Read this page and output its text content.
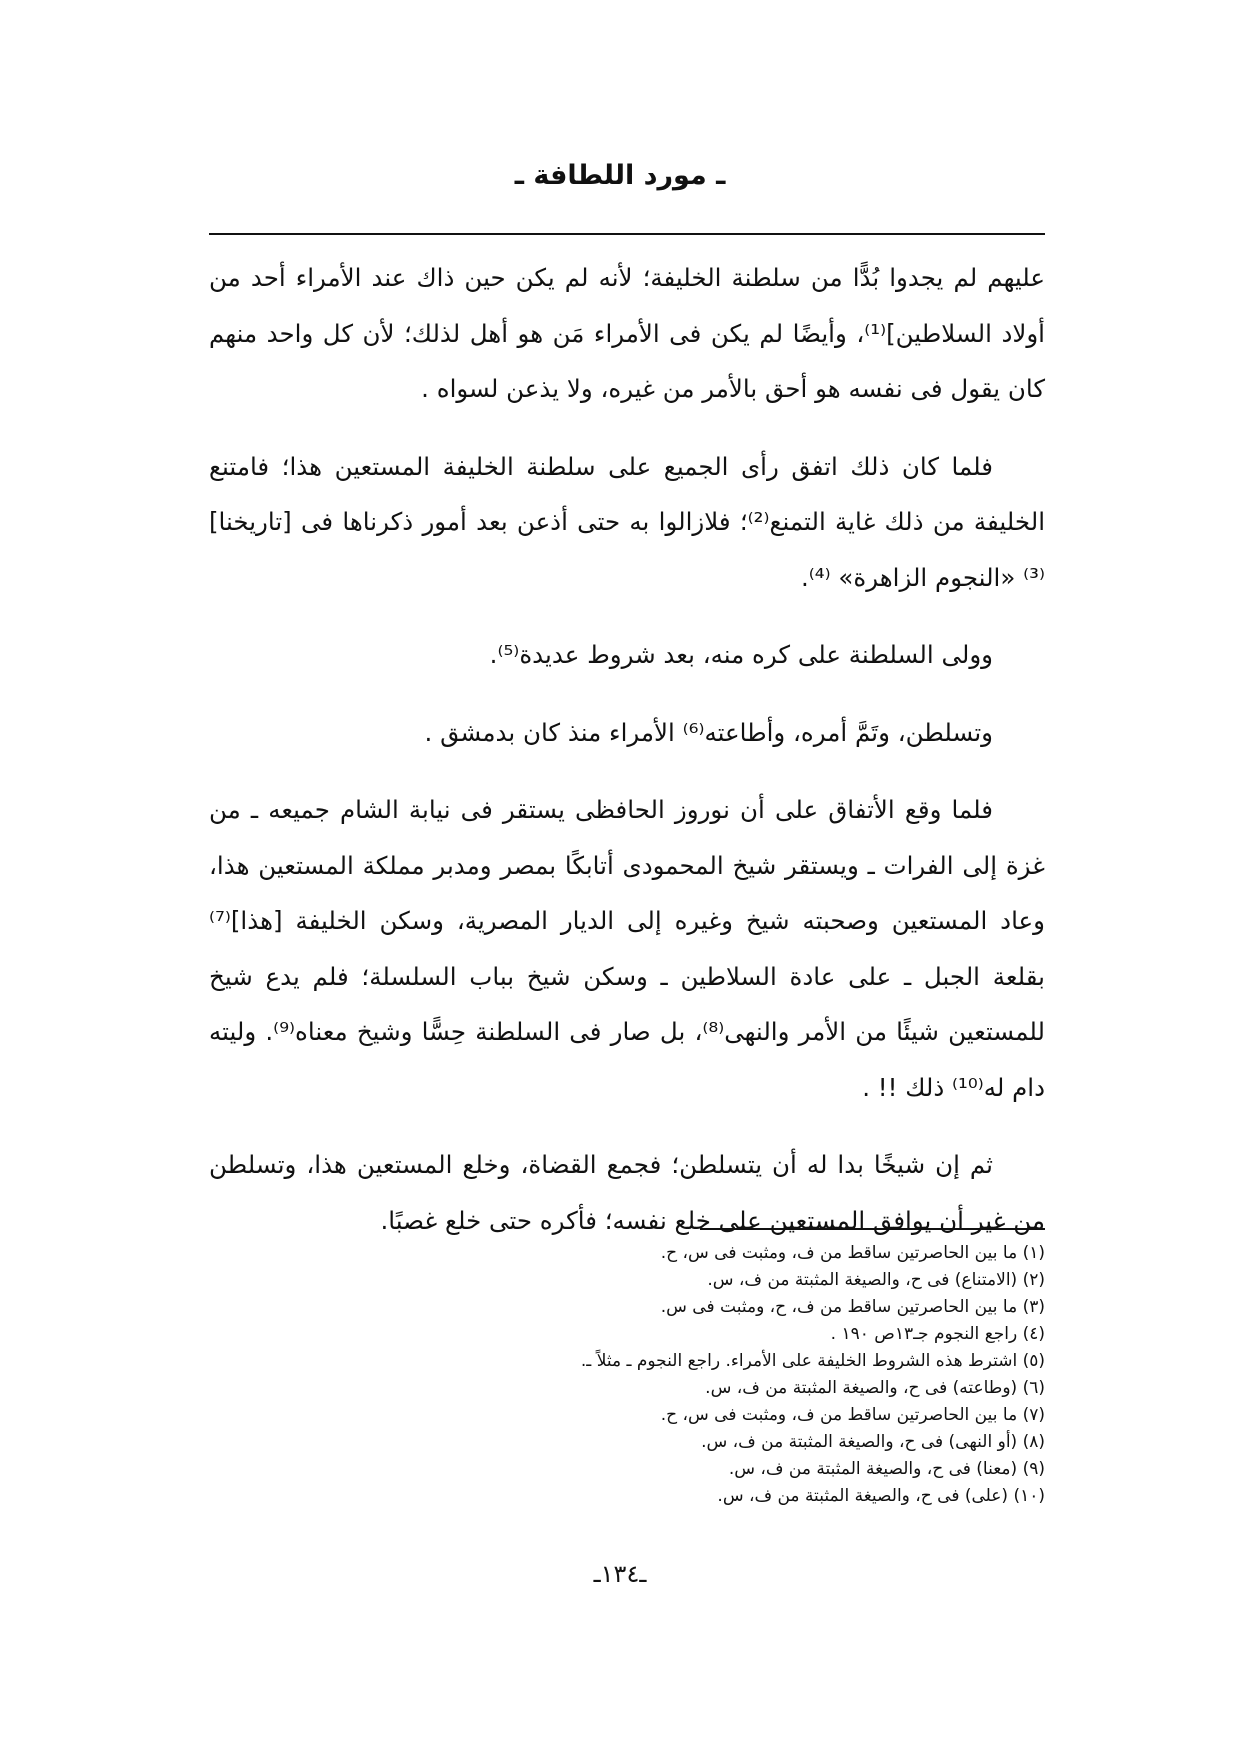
ـ مورد اللطافة ـ

عليهم لم يجدوا بُدًّا من سلطنة الخليفة؛ لأنه لم يكن حين ذاك عند الأمراء أحد من أولاد السلاطين]⁽¹⁾، وأيضًا لم يكن فى الأمراء مَن هو أهل لذلك؛ لأن كل واحد منهم كان يقول فى نفسه هو أحق بالأمر من غيره، ولا يذعن لسواه .

فلما كان ذلك اتفق رأى الجميع على سلطنة الخليفة المستعين هذا؛ فامتنع الخليفة من ذلك غاية التمنع⁽²⁾؛ فلازالوا به حتى أذعن بعد أمور ذكرناها فى [تاريخنا]⁽³⁾ «النجوم الزاهرة» ⁽⁴⁾.

وولى السلطنة على كره منه، بعد شروط عديدة⁽⁵⁾.

وتسلطن، وتَمَّ أمره، وأطاعته⁽⁶⁾ الأمراء منذ كان بدمشق .

فلما وقع الأتفاق على أن نوروز الحافظى يستقر فى نيابة الشام جميعه ـ من غزة إلى الفرات ـ ويستقر شيخ المحمودى أتابكًا بمصر ومدبر مملكة المستعين هذا، وعاد المستعين وصحبته شيخ وغيره إلى الديار المصرية، وسكن الخليفة [هذا]⁽⁷⁾ بقلعة الجبل ـ على عادة السلاطين ـ وسكن شيخ بباب السلسلة؛ فلم يدع شيخ للمستعين شيئًا من الأمر والنهى⁽⁸⁾، بل صار فى السلطنة حِسًّا وشيخ معناه⁽⁹⁾. وليته دام له⁽¹⁰⁾ ذلك !! .

ثم إن شيخًا بدا له أن يتسلطن؛ فجمع القضاة، وخلع المستعين هذا، وتسلطن من غير أن يوافق المستعين على خلع نفسه؛ فأكره حتى خلع غصبًا.

(١) ما بين الحاصرتين ساقط من ف، ومثبت فى س، ح.
(٢) (الامتناع) فى ح، والصيغة المثبتة من ف، س.
(٣) ما بين الحاصرتين ساقط من ف، ح، ومثبت فى س.
(٤) راجع النجوم جـ١٣ص ١٩٠ .
(٥) اشترط هذه الشروط الخليفة على الأمراء. راجع النجوم ـ مثلاً ـ.
(٦) (وطاعته) فى ح، والصيغة المثبتة من ف، س.
(٧) ما بين الحاصرتين ساقط من ف، ومثبت فى س، ح.
(٨) (أو النهى) فى ح، والصيغة المثبتة من ف، س.
(٩) (معنا) فى ح، والصيغة المثبتة من ف، س.
(١٠) (على) فى ح، والصيغة المثبتة من ف، س.
ـ١٣٤ـ
